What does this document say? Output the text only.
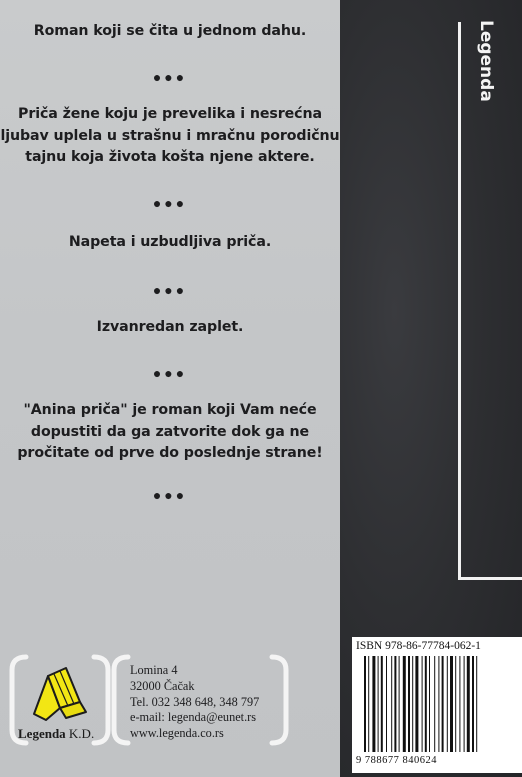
Legenda
Roman koji se čita u jednom dahu.
●●●
Priča žene koju je prevelika i nesrećna
ljubav uplela u strašnu i mračnu porodičnu
tajnu koja života košta njene aktere.
●●●
Napeta i uzbudljiva priča.
●●●
Izvanredan zaplet.
●●●
"Anina priča" je roman koji Vam neće
dopustiti da ga zatvorite dok ga ne
pročitate od prve do poslednje strane!
●●●
Legenda K.D.
Lomina 4
32000 Čačak
Tel. 032 348 648, 348 797
e-mail: legenda@eunet.rs
www.legenda.co.rs
ISBN 978-86-77784-062-1
9 788677 840624
